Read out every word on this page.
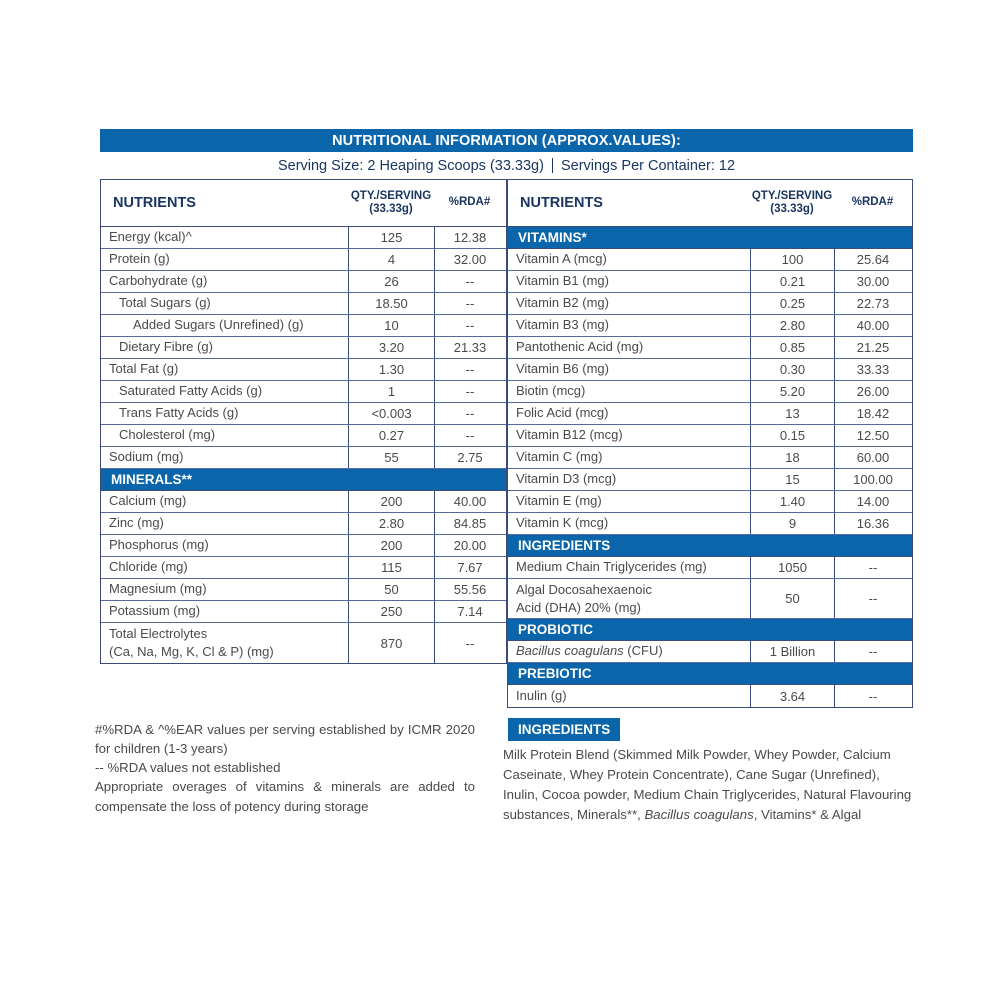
NUTRITIONAL INFORMATION (APPROX.VALUES):
Serving Size: 2 Heaping Scoops (33.33g) Servings Per Container: 12
NUTRIENTS	QTY./SERVING
(33.33g)
%RDA#
Energy (kcal)^	125	12.38
Protein (g)	4	32.00
Carbohydrate (g)	26	--
Total Sugars (g)	18.50	--
Added Sugars (Unrefined) (g)	10	--
Dietary Fibre (g)	3.20	21.33
Total Fat (g)	1.30	--
Saturated Fatty Acids (g)	1	--
Trans Fatty Acids (g)	<0.003	--
Cholesterol (mg)	0.27	--
Sodium (mg)	55	2.75
MINERALS**
Calcium (mg)	200	40.00
Zinc (mg)	2.80	84.85
Phosphorus (mg)	200	20.00
Chloride (mg)	115	7.67
Magnesium (mg)	50	55.56
Potassium (mg)	250	7.14
Total Electrolytes
(Ca, Na, Mg, K, Cl & P) (mg)
870	--
NUTRIENTS	QTY./SERVING
(33.33g)
%RDA#
VITAMINS*
Vitamin A (mcg)	100	25.64
Vitamin B1 (mg)	0.21	30.00
Vitamin B2 (mg)	0.25	22.73
Vitamin B3 (mg)	2.80	40.00
Pantothenic Acid (mg)	0.85	21.25
Vitamin B6 (mg)	0.30	33.33
Biotin (mcg)	5.20	26.00
Folic Acid (mcg)	13	18.42
Vitamin B12 (mcg)	0.15	12.50
Vitamin C (mg)	18	60.00
Vitamin D3 (mcg)	15	100.00
Vitamin E (mg)	1.40	14.00
Vitamin K (mcg)	9	16.36
INGREDIENTS
Medium Chain Triglycerides (mg)	1050	--
Algal Docosahexaenoic
Acid (DHA) 20% (mg)
50	--
PROBIOTIC
Bacillus coagulans (CFU)	1 Billion	--
PREBIOTIC
Inulin (g)	3.64	--

#%RDA & ^%EAR values per serving established by ICMR 2020 for children (1-3 years)

-- %RDA values not established

Appropriate overages of vitamins & minerals are added to compensate the loss of potency during storage

INGREDIENTS
Milk Protein Blend (Skimmed Milk Powder, Whey Powder, Calcium Caseinate, Whey Protein Concentrate), Cane Sugar (Unrefined), Inulin, Cocoa powder, Medium Chain Triglycerides, Natural Flavouring substances, Minerals**, Bacillus coagulans, Vitamins* & Algal
